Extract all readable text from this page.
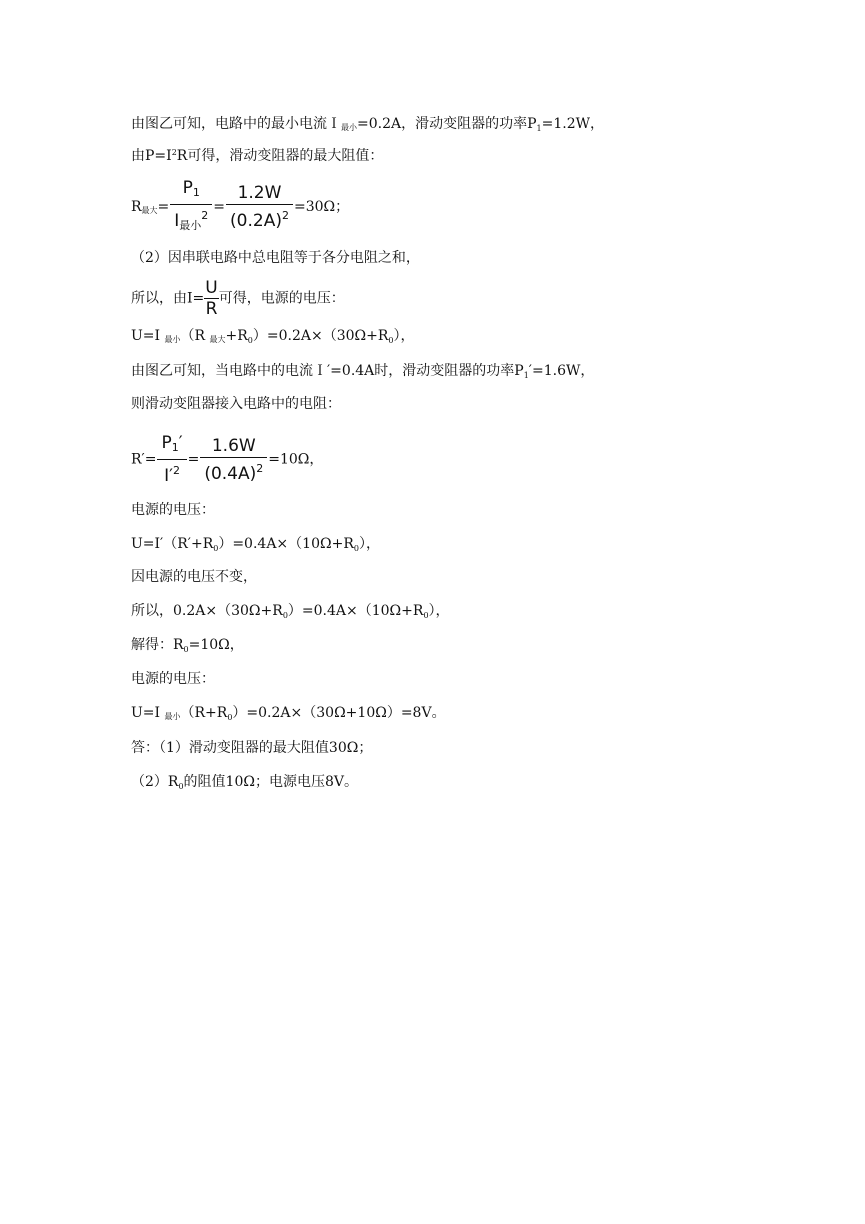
由图乙可知，电路中的最小电流Ｉ最小=0.2A，滑动变阻器的功率$P_1=1.2W$，
由$P=I^2R$可得，滑动变阻器的最大阻值：
R最大= $\frac{P1}{I最小^2} = \frac{1.2W}{(0.2A)^2} =30\Omega$；
（2）因串联电路中总电阻等于各分电阻之和，
所以，由$I= \frac{U}{R}$ 可得，电源的电压：
U=I 最小（R 最大$+R_0)=0.2A\times(30\Omega+R_0)$，
由图乙可知，当电路中的电流Ｉ′=0.4A时，滑动变阻器的功率$P_1'=1.6W$，
则滑动变阻器接入电路中的电阻：
$R'= \frac{P1'}{I'^2} = \frac{1.6W}{(0.4A)^2} =10\Omega$，
电源的电压：
$U=I'(R'+R_0)=0.4A\times(10\Omega+R_0)$，
因电源的电压不变，
所以，$0.2A\times(30\Omega+R_0)=0.4A\times(10\Omega+R_0)$，
解得：$R_0=10\Omega$，
电源的电压：
U=I 最小$(R+R_0)=0.2A\times(30\Omega+10\Omega)=8V$。
答：（1）滑动变阻器的最大阻值30Ω；
$(2)R_0$的阻值10Ω；电源电压8V。
